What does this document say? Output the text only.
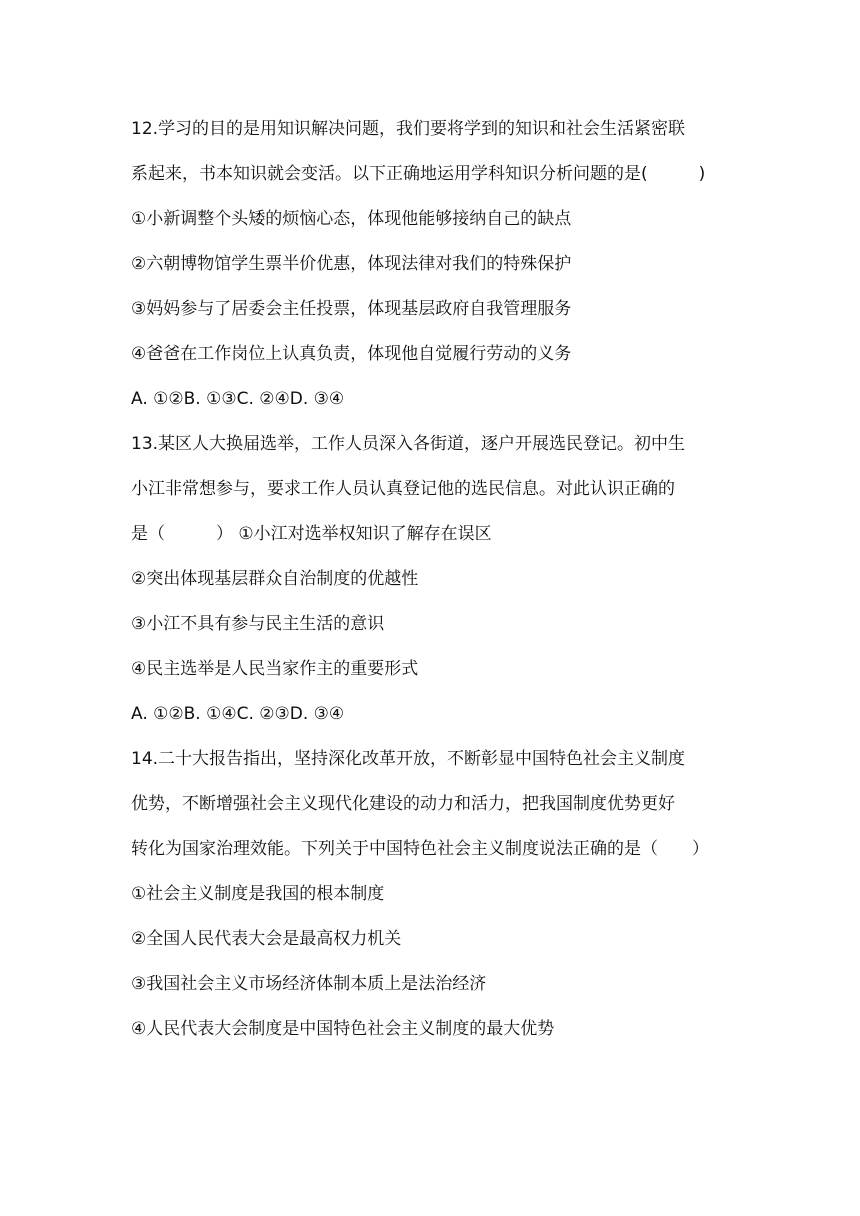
12.学习的目的是用知识解决问题，我们要将学到的知识和社会生活紧密联
系起来，书本知识就会变活。以下正确地运用学科知识分析问题的是(　　　)
①小新调整个头矮的烦恼心态，体现他能够接纳自己的缺点
②六朝博物馆学生票半价优惠，体现法律对我们的特殊保护
③妈妈参与了居委会主任投票，体现基层政府自我管理服务
④爸爸在工作岗位上认真负责，体现他自觉履行劳动的义务
A. ①②B. ①③C. ②④D. ③④
13.某区人大换届选举，工作人员深入各街道，逐户开展选民登记。初中生
小江非常想参与，要求工作人员认真登记他的选民信息。对此认识正确的
是（　　　） ①小江对选举权知识了解存在误区
②突出体现基层群众自治制度的优越性
③小江不具有参与民主生活的意识
④民主选举是人民当家作主的重要形式
A. ①②B. ①④C. ②③D. ③④
14.二十大报告指出，坚持深化改革开放，不断彰显中国特色社会主义制度
优势，不断增强社会主义现代化建设的动力和活力，把我国制度优势更好
转化为国家治理效能。下列关于中国特色社会主义制度说法正确的是（　　）
①社会主义制度是我国的根本制度
②全国人民代表大会是最高权力机关
③我国社会主义市场经济体制本质上是法治经济
④人民代表大会制度是中国特色社会主义制度的最大优势
